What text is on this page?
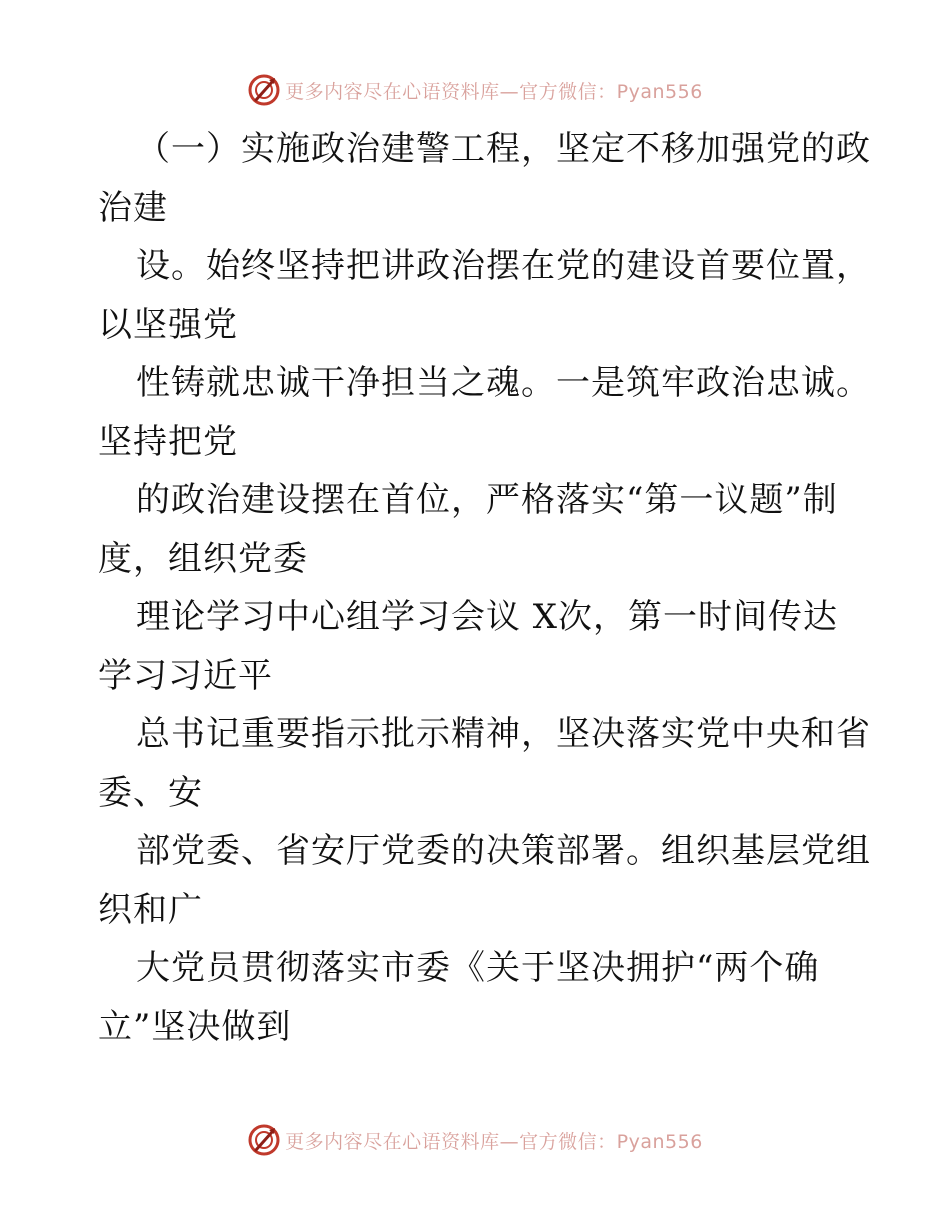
更多内容尽在心语资料库—官方微信：Pyan556
（一）实施政治建警工程，坚定不移加强党的政
治建
设。始终坚持把讲政治摆在党的建设首要位置，
以坚强党
性铸就忠诚干净担当之魂。一是筑牢政治忠诚。
坚持把党
的政治建设摆在首位，严格落实“第一议题”制
度，组织党委
理论学习中心组学习会议 X次，第一时间传达
学习习近平
总书记重要指示批示精神，坚决落实党中央和省
委、安
部党委、省安厅党委的决策部署。组织基层党组
织和广
大党员贯彻落实市委《关于坚决拥护“两个确
立”坚决做到
更多内容尽在心语资料库—官方微信：Pyan556
